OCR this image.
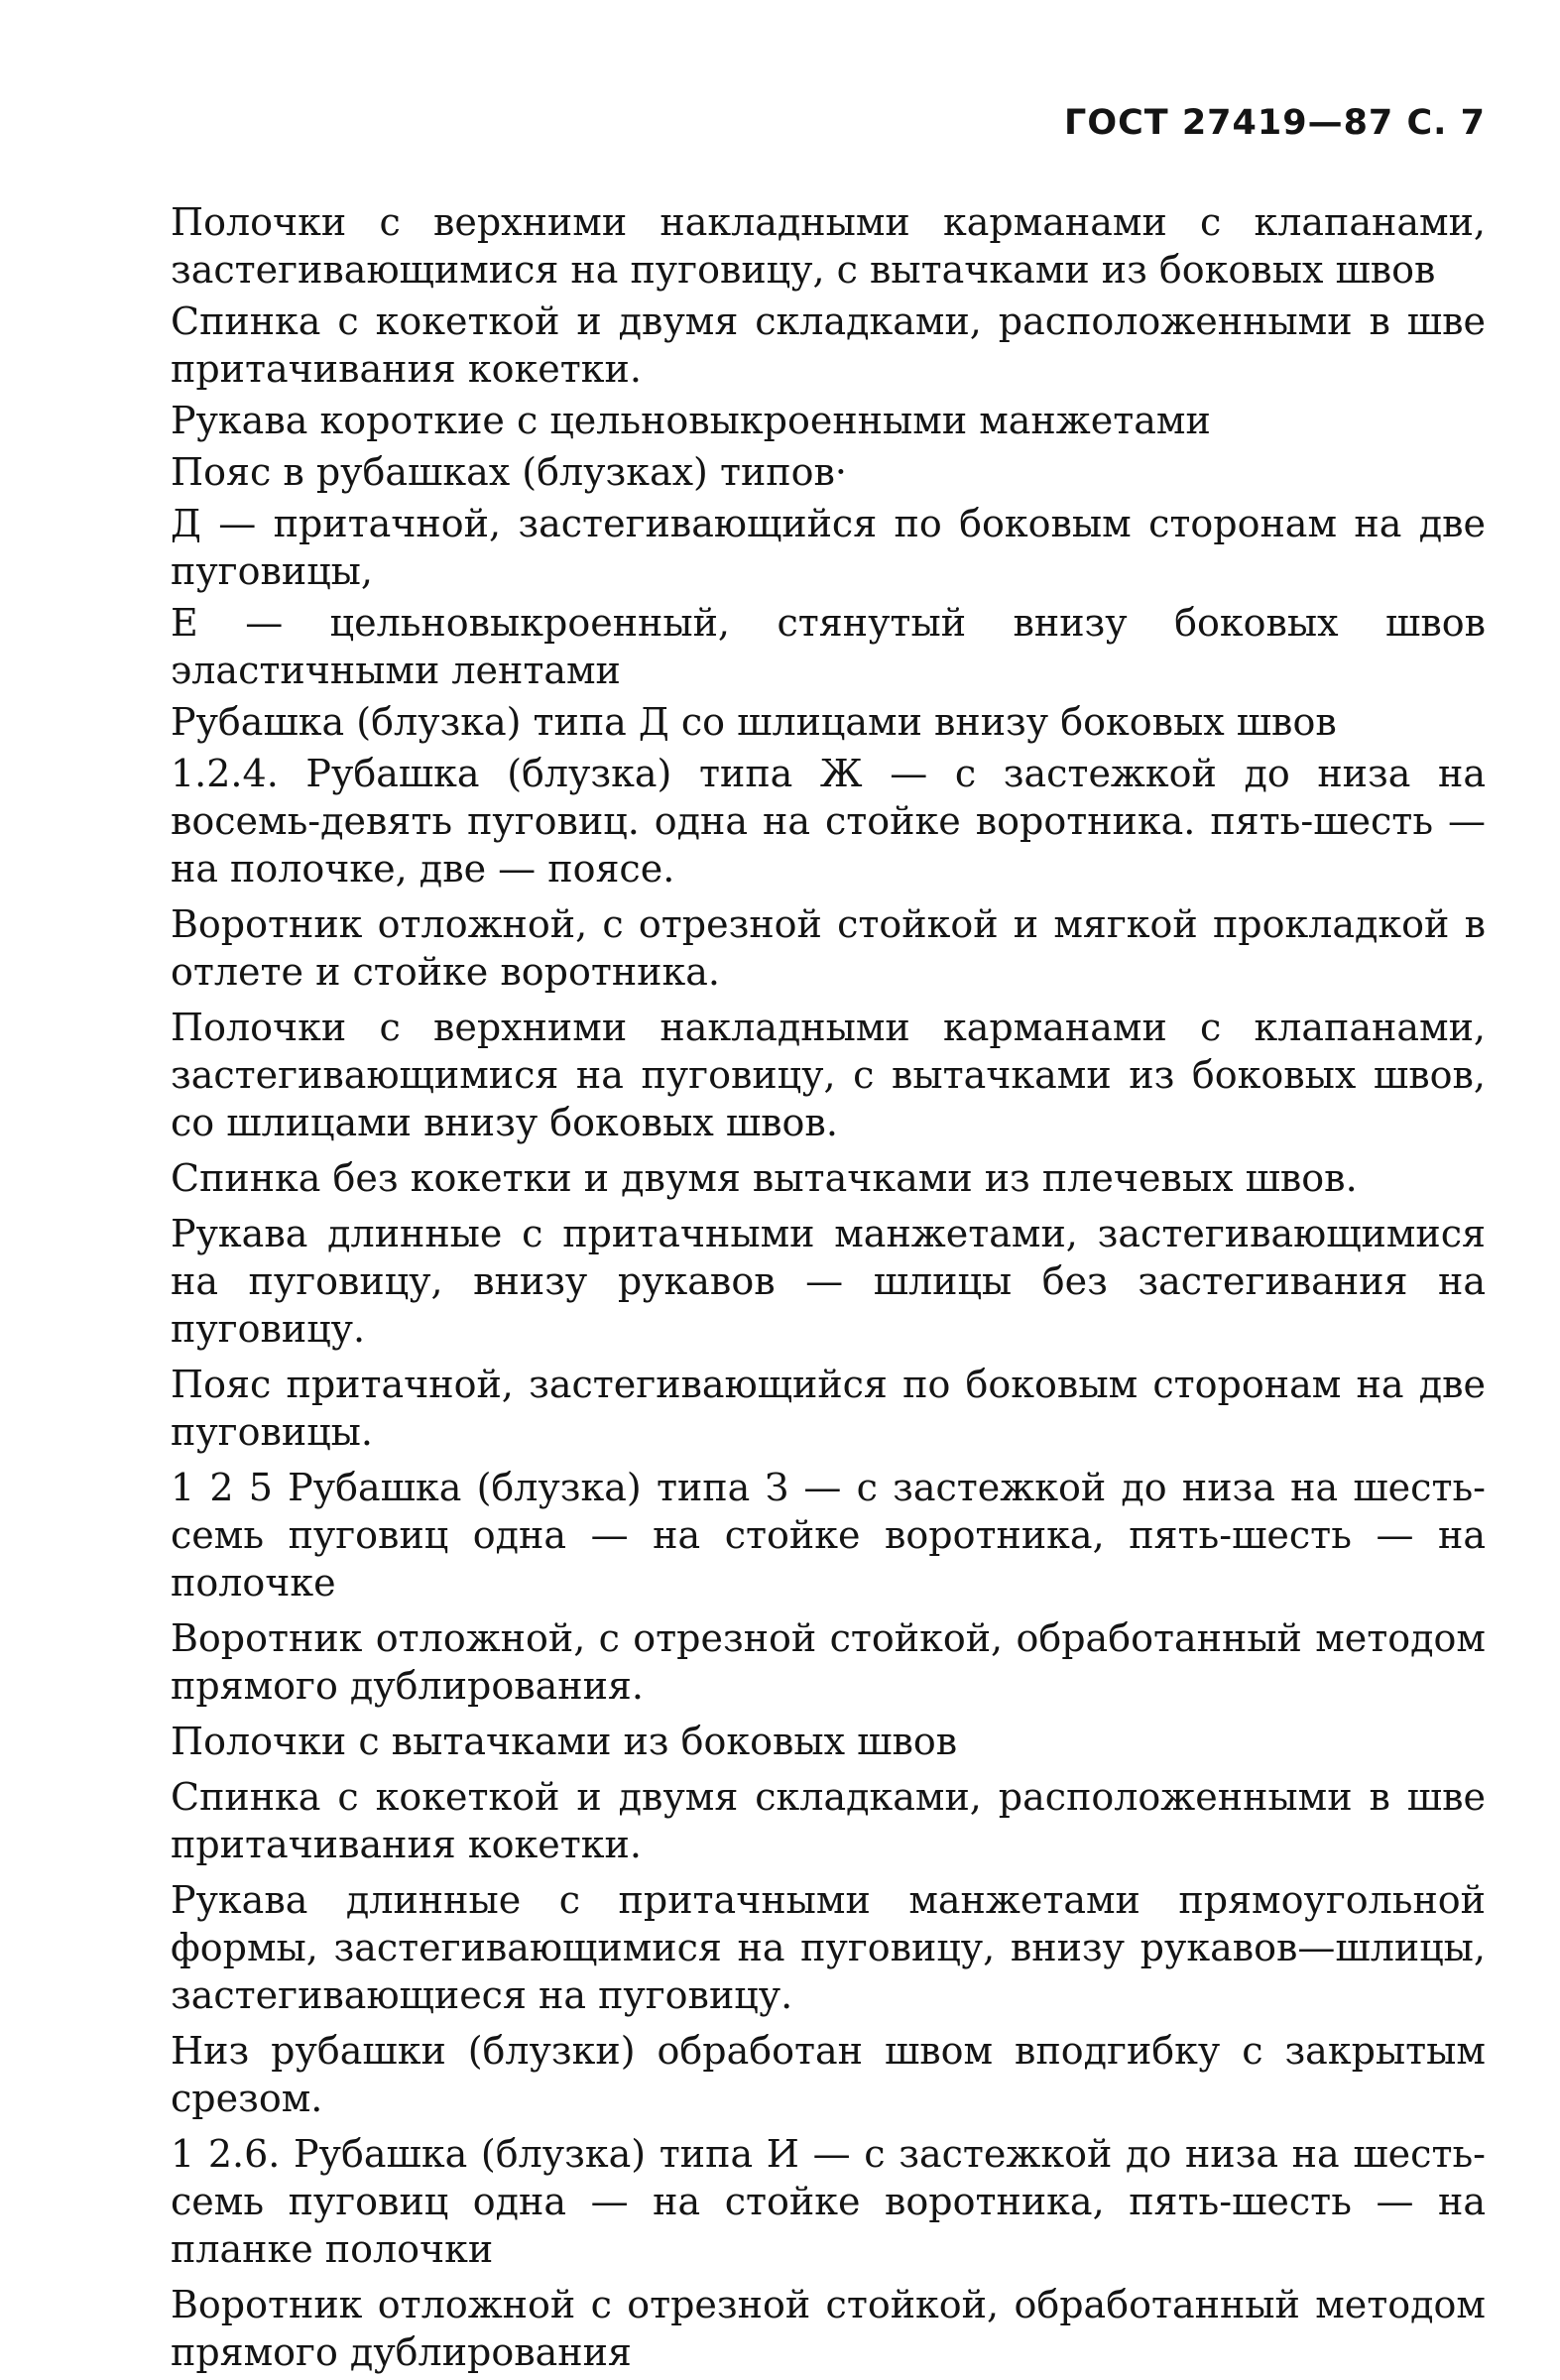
ГОСТ 27419—87 С. 7

Полочки с верхними накладными карманами с клапанами, застегивающимися на пуговицу, с вытачками из боковых швов

Спинка с кокеткой и двумя складками, расположенными в шве притачивания кокетки.

Рукава короткие с цельновыкроенными манжетами

Пояс в рубашках (блузках) типов·

Д — притачной, застегивающийся по боковым сторонам на две пуговицы,

Е — цельновыкроенный, стянутый внизу боковых швов эластичными лентами

Рубашка (блузка) типа Д со шлицами внизу боковых швов

1.2.4. Рубашка (блузка) типа Ж — с застежкой до низа на восемь-девять пуговиц. одна на стойке воротника. пять-шесть — на полочке, две — поясе.

Воротник отложной, с отрезной стойкой и мягкой прокладкой в отлете и стойке воротника.

Полочки с верхними накладными карманами с клапанами, застегивающимися на пуговицу, с вытачками из боковых швов, со шлицами внизу боковых швов.

Спинка без кокетки и двумя вытачками из плечевых швов.

Рукава длинные с притачными манжетами, застегивающимися на пуговицу, внизу рукавов — шлицы без застегивания на пуговицу.

Пояс притачной, застегивающийся по боковым сторонам на две пуговицы.

1 2 5 Рубашка (блузка) типа З — с застежкой до низа на шесть-семь пуговиц одна — на стойке воротника, пять-шесть — на полочке

Воротник отложной, с отрезной стойкой, обработанный методом прямого дублирования.

Полочки с вытачками из боковых швов

Спинка с кокеткой и двумя складками, расположенными в шве притачивания кокетки.

Рукава длинные с притачными манжетами прямоугольной формы, застегивающимися на пуговицу, внизу рукавов—шлицы, застегивающиеся на пуговицу.

Низ рубашки (блузки) обработан швом вподгибку с закрытым срезом.

1 2.6. Рубашка (блузка) типа И — с застежкой до низа на шесть-семь пуговиц одна — на стойке воротника, пять-шесть — на планке полочки

Воротник отложной с отрезной стойкой, обработанный методом прямого дублирования
